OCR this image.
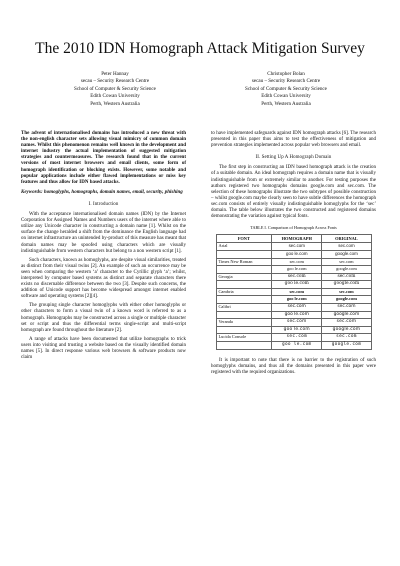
The 2010 IDN Homograph Attack Mitigation Survey
Peter Hannay
secau – Security Research Centre
School of Computer & Security Science
Edith Cowan University
Perth, Western Australia
Christopher Bolan
secau – Security Research Centre
School of Computer & Security Science
Edith Cowan University
Perth, Western Australia
The advent of internationalised domains has introduced a new threat with the non-english character sets allowing visual mimicry of common domain names. Whilst this phenomenon remains well known in the development and internet industry the actual implementation of suggested mitigation strategies and countermeasures. The research found that in the current versions of most internet browsers and email clients, some form of homograph identification or blocking exists. However, some notable and popular applications include either flawed implementations or miss key features and thus allow for IDN based attacks.
Keywords: homoglyphs, homographs, domain names, email, security, phishing
I. Introduction

With the acceptance internationalised domain names (IDN) by the Internet Corporation for Assigned Names and Numbers users of the internet where able to utilize any Unicode character in constructing a domain name [1]. Whilst on the surface the change heralded a shift from the dominance the English language had on internet infrastructure an unintended by-product of this measure has meant that domain names may be spoofed using characters which are visually indistinguishable from western characters but belong to a non western script [1].

Such characters, known as homoglyphs, are despite visual similarities, treated as distinct from their visual twins [2]. An example of such an occurrence may be seen when comparing the western ‘a’ character to the Cyrillic glyph ‘а’; whilst, interpreted by computer based systems as distinct and separate characters there exists no discernable difference between the two [3]. Despite such concerns, the addition of Unicode support has become widespread amongst internet enabled software and operating systems [2][4].

The grouping single character homoglyphs with either other homoglyphs or other characters to form a visual twin of a known word is referred to as a homograph. Homographs may be constructed across a single or multiple character set or script and thus the differential terms single-script and multi-script homograph are found throughout the literature [2].

A range of attacks have been documented that utilize homographs to trick users into visiting and trusting a website based on the visually identified domain names [5]. In direct response various web browsers & software products now claim

to have implemented safeguards against IDN homograph attacks [6]. The research presented in this paper thus aims to test the effectiveness of mitigation and prevention strategies implemented across popular web browsers and email.
II. Setting Up A Homograph Domain

The first step in constructing an IDN based homograph attack is the creation of a suitable domain. An ideal homograph requires a domain name that is visually indistinguishable from or extremely similar to another. For testing purposes the authors registered two homographs domains google.com and sec.com. The selection of these homographs illustrate the two subtypes of possible construction – whilst google.com maybe clearly seen to have subtle differences the homograph sec.com consists of entirely visually indistinguishable homoglyphs for the ‘sec’ domain. The table below illustrates the two constructed and registered domains demonstrating the variation against typical fonts.

TABLE I. Comparison of Homograph Across Fonts
FONT	HOMOGRAPH	ORIGINAL
Arial	sec.com	sec.com
	goo le.com	google.com
Times New Roman	sec.com	sec.com
	goo le.com	google.com
Georgia	sec.com	sec.com
	goo le.com	google.com
Cambria	sec.com	sec.com
	goo le.com	google.com
Calibri	sec.com	sec.com
	goo le.com	google.com
Veranda	sec.com	sec.com
	goo le.com	google.com
Lucida Console	sec.com	sec.com
	goo le.com	google.com

It is important to note that there is no barrier to the registration of such homoglyphs domains, and thus all the domains presented in this paper were registered with the required organizations.
